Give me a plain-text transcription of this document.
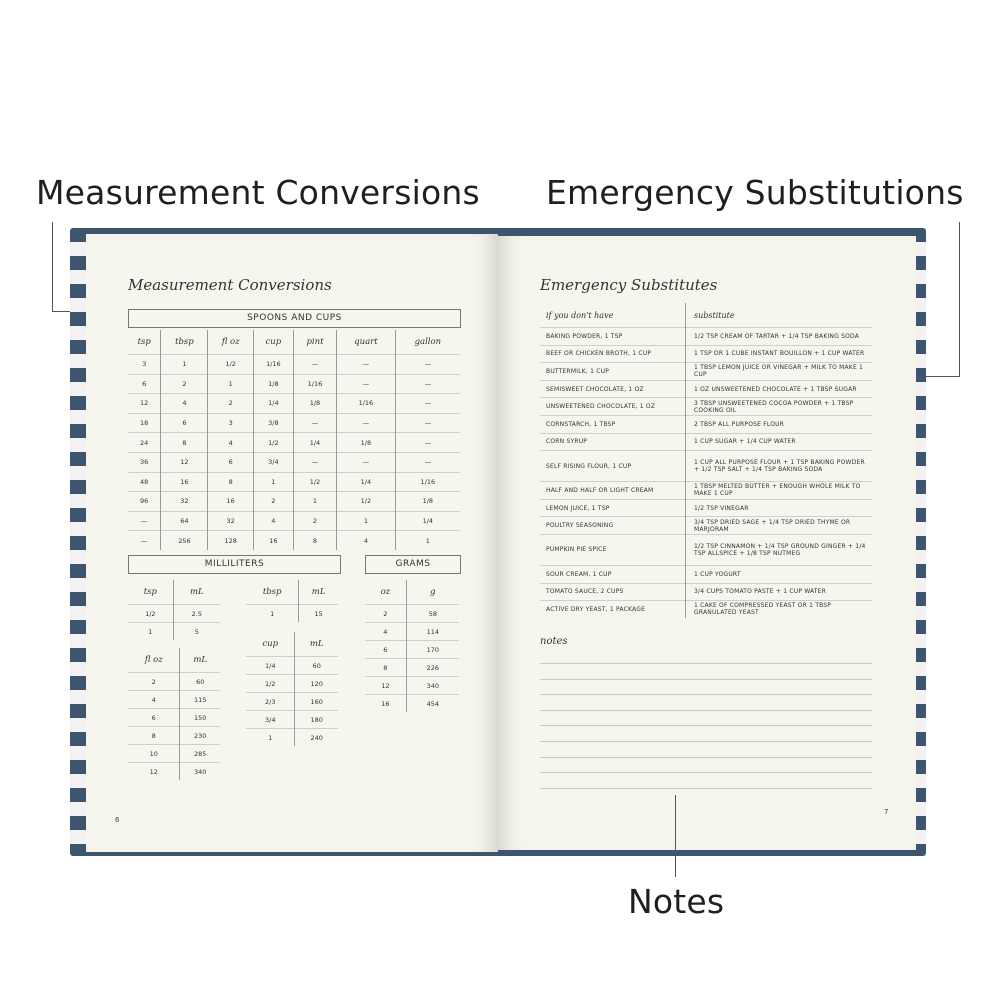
Measurement Conversions Emergency Substitutions
Notes
Measurement Conversions
SPOONS AND CUPS
tsp	tbsp	fl oz	cup	pint	quart	gallon
3	1	1/2	1/16	—	—	—
6	2	1	1/8	1/16	—	—
12	4	2	1/4	1/8	1/16	—
18	6	3	3/8	—	—	—
24	8	4	1/2	1/4	1/8	—
36	12	6	3/4	—	—	—
48	16	8	1	1/2	1/4	1/16
96	32	16	2	1	1/2	1/8
—	64	32	4	2	1	1/4
—	256	128	16	8	4	1
MILLILITERS	GRAMS
tsp	mL
1/2	2.5
1	5
tbsp	mL
1	15
fl oz	mL
2	60
4	115
6	150
8	230
10	285
12	340
cup	mL
1/4	60
1/2	120
2/3	160
3/4	180
1	240
oz	g
2	58
4	114
6	170
8	226
12	340
16	454
6
Emergency Substitutes
if you don't have	substitute
BAKING POWDER, 1 TSP	1/2 TSP CREAM OF TARTAR + 1/4 TSP BAKING SODA
BEEF OR CHICKEN BROTH, 1 CUP	1 TSP OR 1 CUBE INSTANT BOUILLON + 1 CUP WATER
BUTTERMILK, 1 CUP	1 TBSP LEMON JUICE OR VINEGAR + MILK TO MAKE 1 CUP
SEMISWEET CHOCOLATE, 1 OZ	1 OZ UNSWEETENED CHOCOLATE + 1 TBSP SUGAR
UNSWEETENED CHOCOLATE, 1 OZ	3 TBSP UNSWEETENED COCOA POWDER + 1 TBSP COOKING OIL
CORNSTARCH, 1 TBSP	2 TBSP ALL PURPOSE FLOUR
CORN SYRUP	1 CUP SUGAR + 1/4 CUP WATER
SELF RISING FLOUR, 1 CUP	1 CUP ALL PURPOSE FLOUR + 1 TSP BAKING POWDER + 1/2 TSP SALT + 1/4 TSP BAKING SODA
HALF AND HALF OR LIGHT CREAM	1 TBSP MELTED BUTTER + ENOUGH WHOLE MILK TO MAKE 1 CUP
LEMON JUICE, 1 TSP	1/2 TSP VINEGAR
POULTRY SEASONING	3/4 TSP DRIED SAGE + 1/4 TSP DRIED THYME OR MARJORAM
PUMPKIN PIE SPICE	1/2 TSP CINNAMON + 1/4 TSP GROUND GINGER + 1/4 TSP ALLSPICE + 1/8 TSP NUTMEG
SOUR CREAM, 1 CUP	1 CUP YOGURT
TOMATO SAUCE, 2 CUPS	3/4 CUPS TOMATO PASTE + 1 CUP WATER
ACTIVE DRY YEAST, 1 PACKAGE	1 CAKE OF COMPRESSED YEAST OR 1 TBSP GRANULATED YEAST
notes
7
